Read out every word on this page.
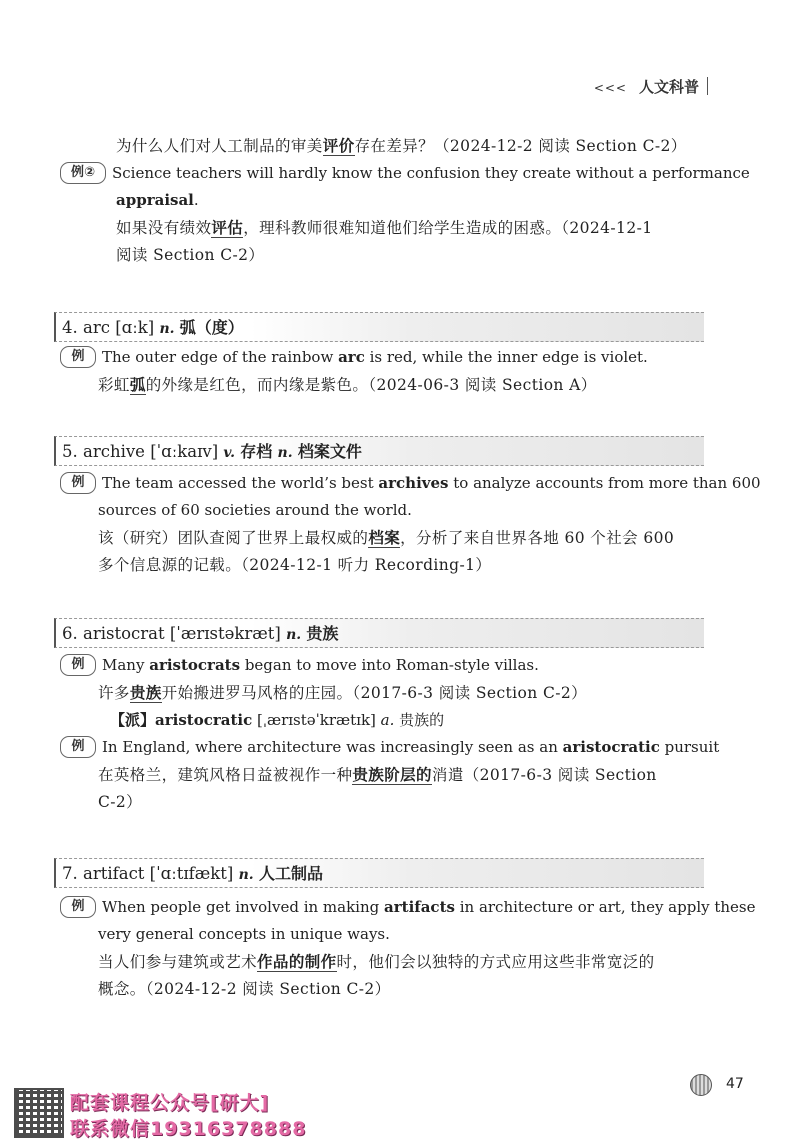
<<< 人文科普
为什么人们对人工制品的审美评价存在差异？（2024-12-2 阅读 Section C-2）
例② Science teachers will hardly know the confusion they create without a performance
appraisal.
如果没有绩效评估，理科教师很难知道他们给学生造成的困惑。（2024-12-1
阅读 Section C-2）
4. arc [ɑːk] n. 弧（度）
例 The outer edge of the rainbow arc is red, while the inner edge is violet.
彩虹弧的外缘是红色，而内缘是紫色。（2024-06-3 阅读 Section A）
5. archive [ˈɑːkaɪv] v. 存档 n. 档案文件
例 The team accessed the world’s best archives to analyze accounts from more than 600
sources of 60 societies around the world.
该（研究）团队查阅了世界上最权威的档案，分析了来自世界各地 60 个社会 600
多个信息源的记载。（2024-12-1 听力 Recording-1）
6. aristocrat [ˈærɪstəkræt] n. 贵族
例 Many aristocrats began to move into Roman-style villas.
许多贵族开始搬进罗马风格的庄园。（2017-6-3 阅读 Section C-2）
【派】aristocratic [ˌærɪstəˈkrætɪk] a. 贵族的
例 In England, where architecture was increasingly seen as an aristocratic pursuit
在英格兰，建筑风格日益被视作一种贵族阶层的消遣（2017-6-3 阅读 Section
C-2）
7. artifact [ˈɑːtɪfækt] n. 人工制品
例 When people get involved in making artifacts in architecture or art, they apply these
very general concepts in unique ways.
当人们参与建筑或艺术作品的制作时，他们会以独特的方式应用这些非常宽泛的
概念。（2024-12-2 阅读 Section C-2）
47
配套课程公众号[研大]
联系微信19316378888
